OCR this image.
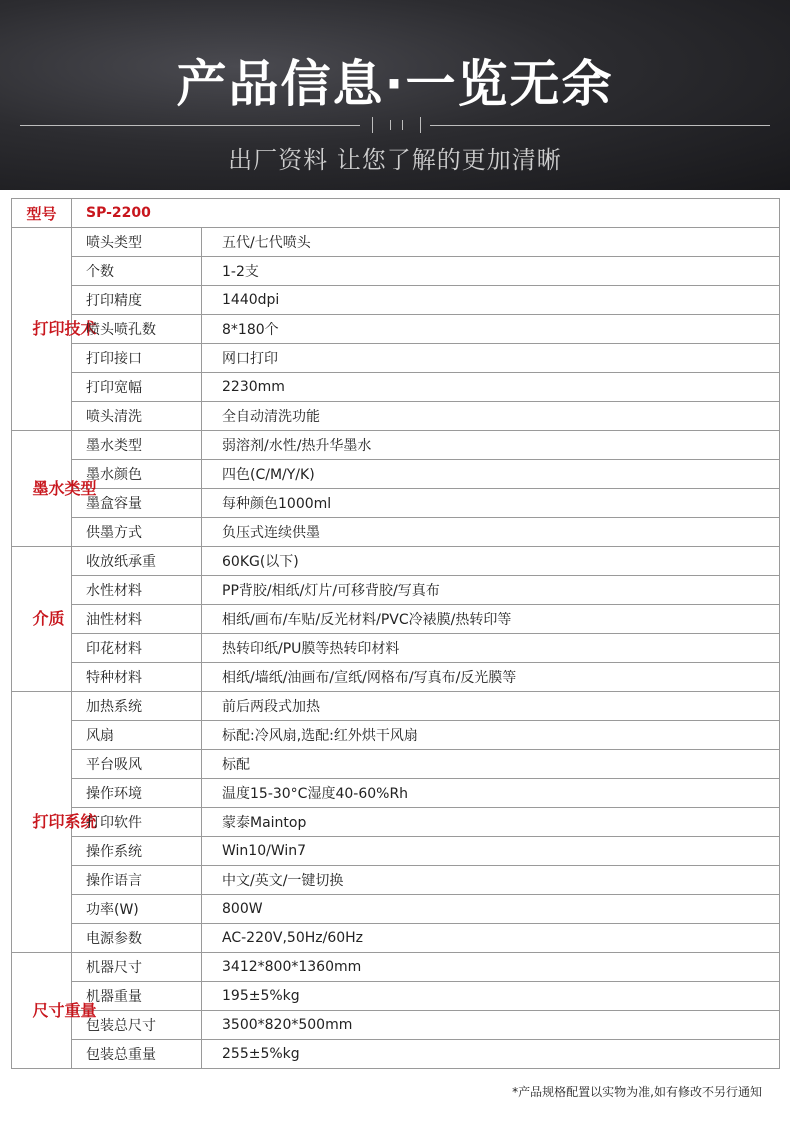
产品信息·一览无余
出厂资料 让您了解的更加清晰
型号	SP-2200	
打印技术	喷头类型	五代/七代喷头
	个数	1-2支
	打印精度	1440dpi
	喷头喷孔数	8*180个
	打印接口	网口打印
	打印宽幅	2230mm
	喷头清洗	全自动清洗功能
墨水类型	墨水类型	弱溶剂/水性/热升华墨水
	墨水颜色	四色(C/M/Y/K)
	墨盒容量	每种颜色1000ml
	供墨方式	负压式连续供墨
介质	收放纸承重	60KG(以下)
	水性材料	PP背胶/相纸/灯片/可移背胶/写真布
	油性材料	相纸/画布/车贴/反光材料/PVC冷裱膜/热转印等
	印花材料	热转印纸/PU膜等热转印材料
	特种材料	相纸/墙纸/油画布/宣纸/网格布/写真布/反光膜等
打印系统	加热系统	前后两段式加热
	风扇	标配:冷风扇,选配:红外烘干风扇
	平台吸风	标配
	操作环境	温度15-30°C湿度40-60%Rh
	打印软件	蒙泰Maintop
	操作系统	Win10/Win7
	操作语言	中文/英文/一键切换
	功率(W)	800W
	电源参数	AC-220V,50Hz/60Hz
尺寸重量	机器尺寸	3412*800*1360mm
	机器重量	195±5%kg
	包装总尺寸	3500*820*500mm
	包装总重量	255±5%kg
*产品规格配置以实物为准,如有修改不另行通知
